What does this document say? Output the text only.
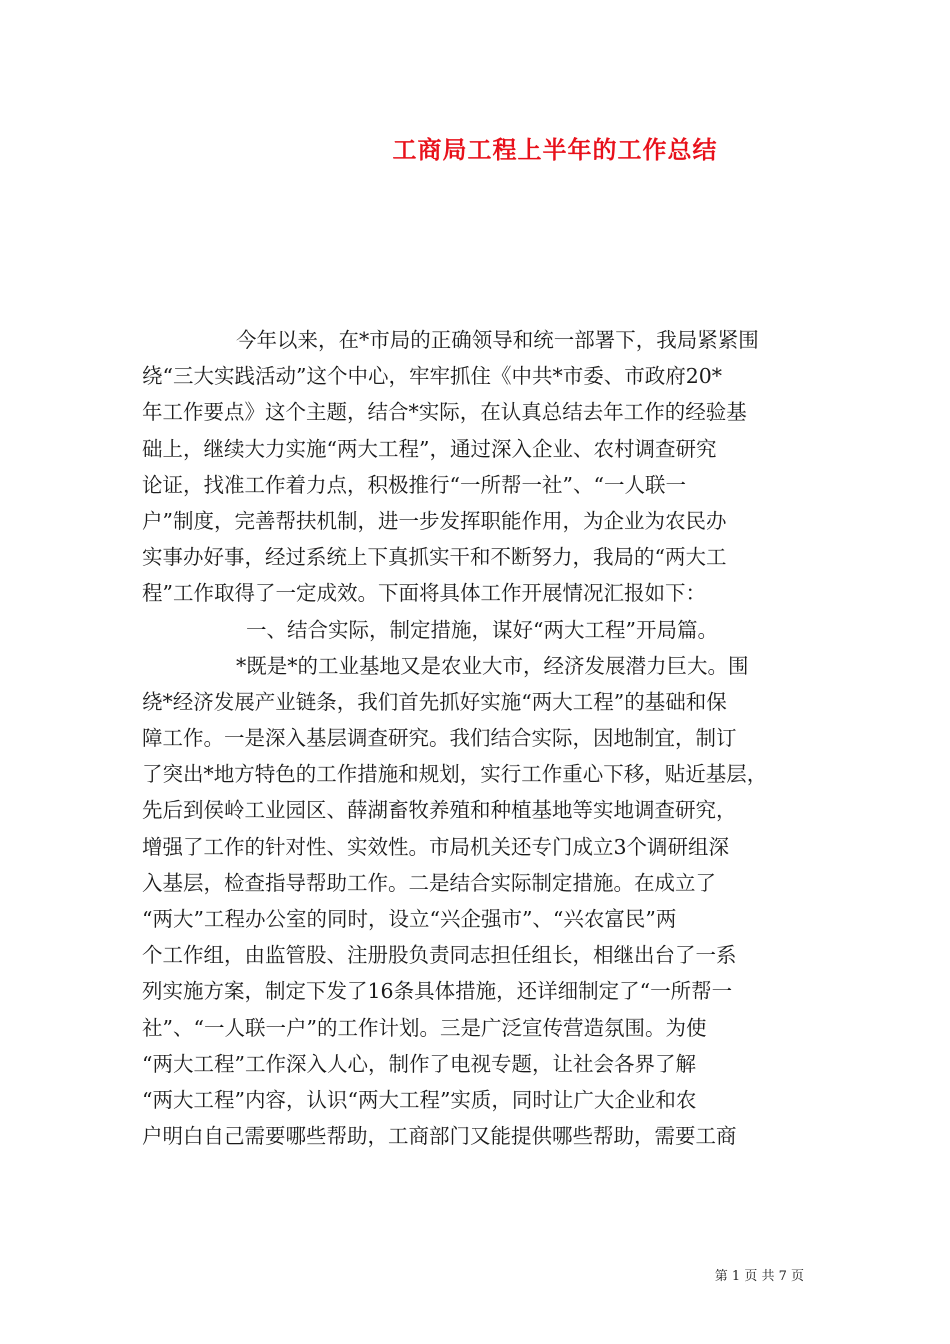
工商局工程上半年的工作总结
今年以来，在*市局的正确领导和统一部署下，我局紧紧围
绕“三大实践活动”这个中心，牢牢抓住《中共*市委、市政府20*
年工作要点》这个主题，结合*实际，在认真总结去年工作的经验基
础上，继续大力实施“两大工程”，通过深入企业、农村调查研究
论证，找准工作着力点，积极推行“一所帮一社”、“一人联一
户”制度，完善帮扶机制，进一步发挥职能作用，为企业为农民办
实事办好事，经过系统上下真抓实干和不断努力，我局的“两大工
程”工作取得了一定成效。下面将具体工作开展情况汇报如下：
一、结合实际，制定措施，谋好“两大工程”开局篇。
*既是*的工业基地又是农业大市，经济发展潜力巨大。围
绕*经济发展产业链条，我们首先抓好实施“两大工程”的基础和保
障工作。一是深入基层调查研究。我们结合实际，因地制宜，制订
了突出*地方特色的工作措施和规划，实行工作重心下移，贴近基层，
先后到侯岭工业园区、薛湖畜牧养殖和种植基地等实地调查研究，
增强了工作的针对性、实效性。市局机关还专门成立3个调研组深
入基层，检查指导帮助工作。二是结合实际制定措施。在成立了
“两大”工程办公室的同时，设立“兴企强市”、“兴农富民”两
个工作组，由监管股、注册股负责同志担任组长，相继出台了一系
列实施方案，制定下发了16条具体措施，还详细制定了“一所帮一
社”、“一人联一户”的工作计划。三是广泛宣传营造氛围。为使
“两大工程”工作深入人心，制作了电视专题，让社会各界了解
“两大工程”内容，认识“两大工程”实质，同时让广大企业和农
户明白自己需要哪些帮助，工商部门又能提供哪些帮助，需要工商
第 1 页 共 7 页
